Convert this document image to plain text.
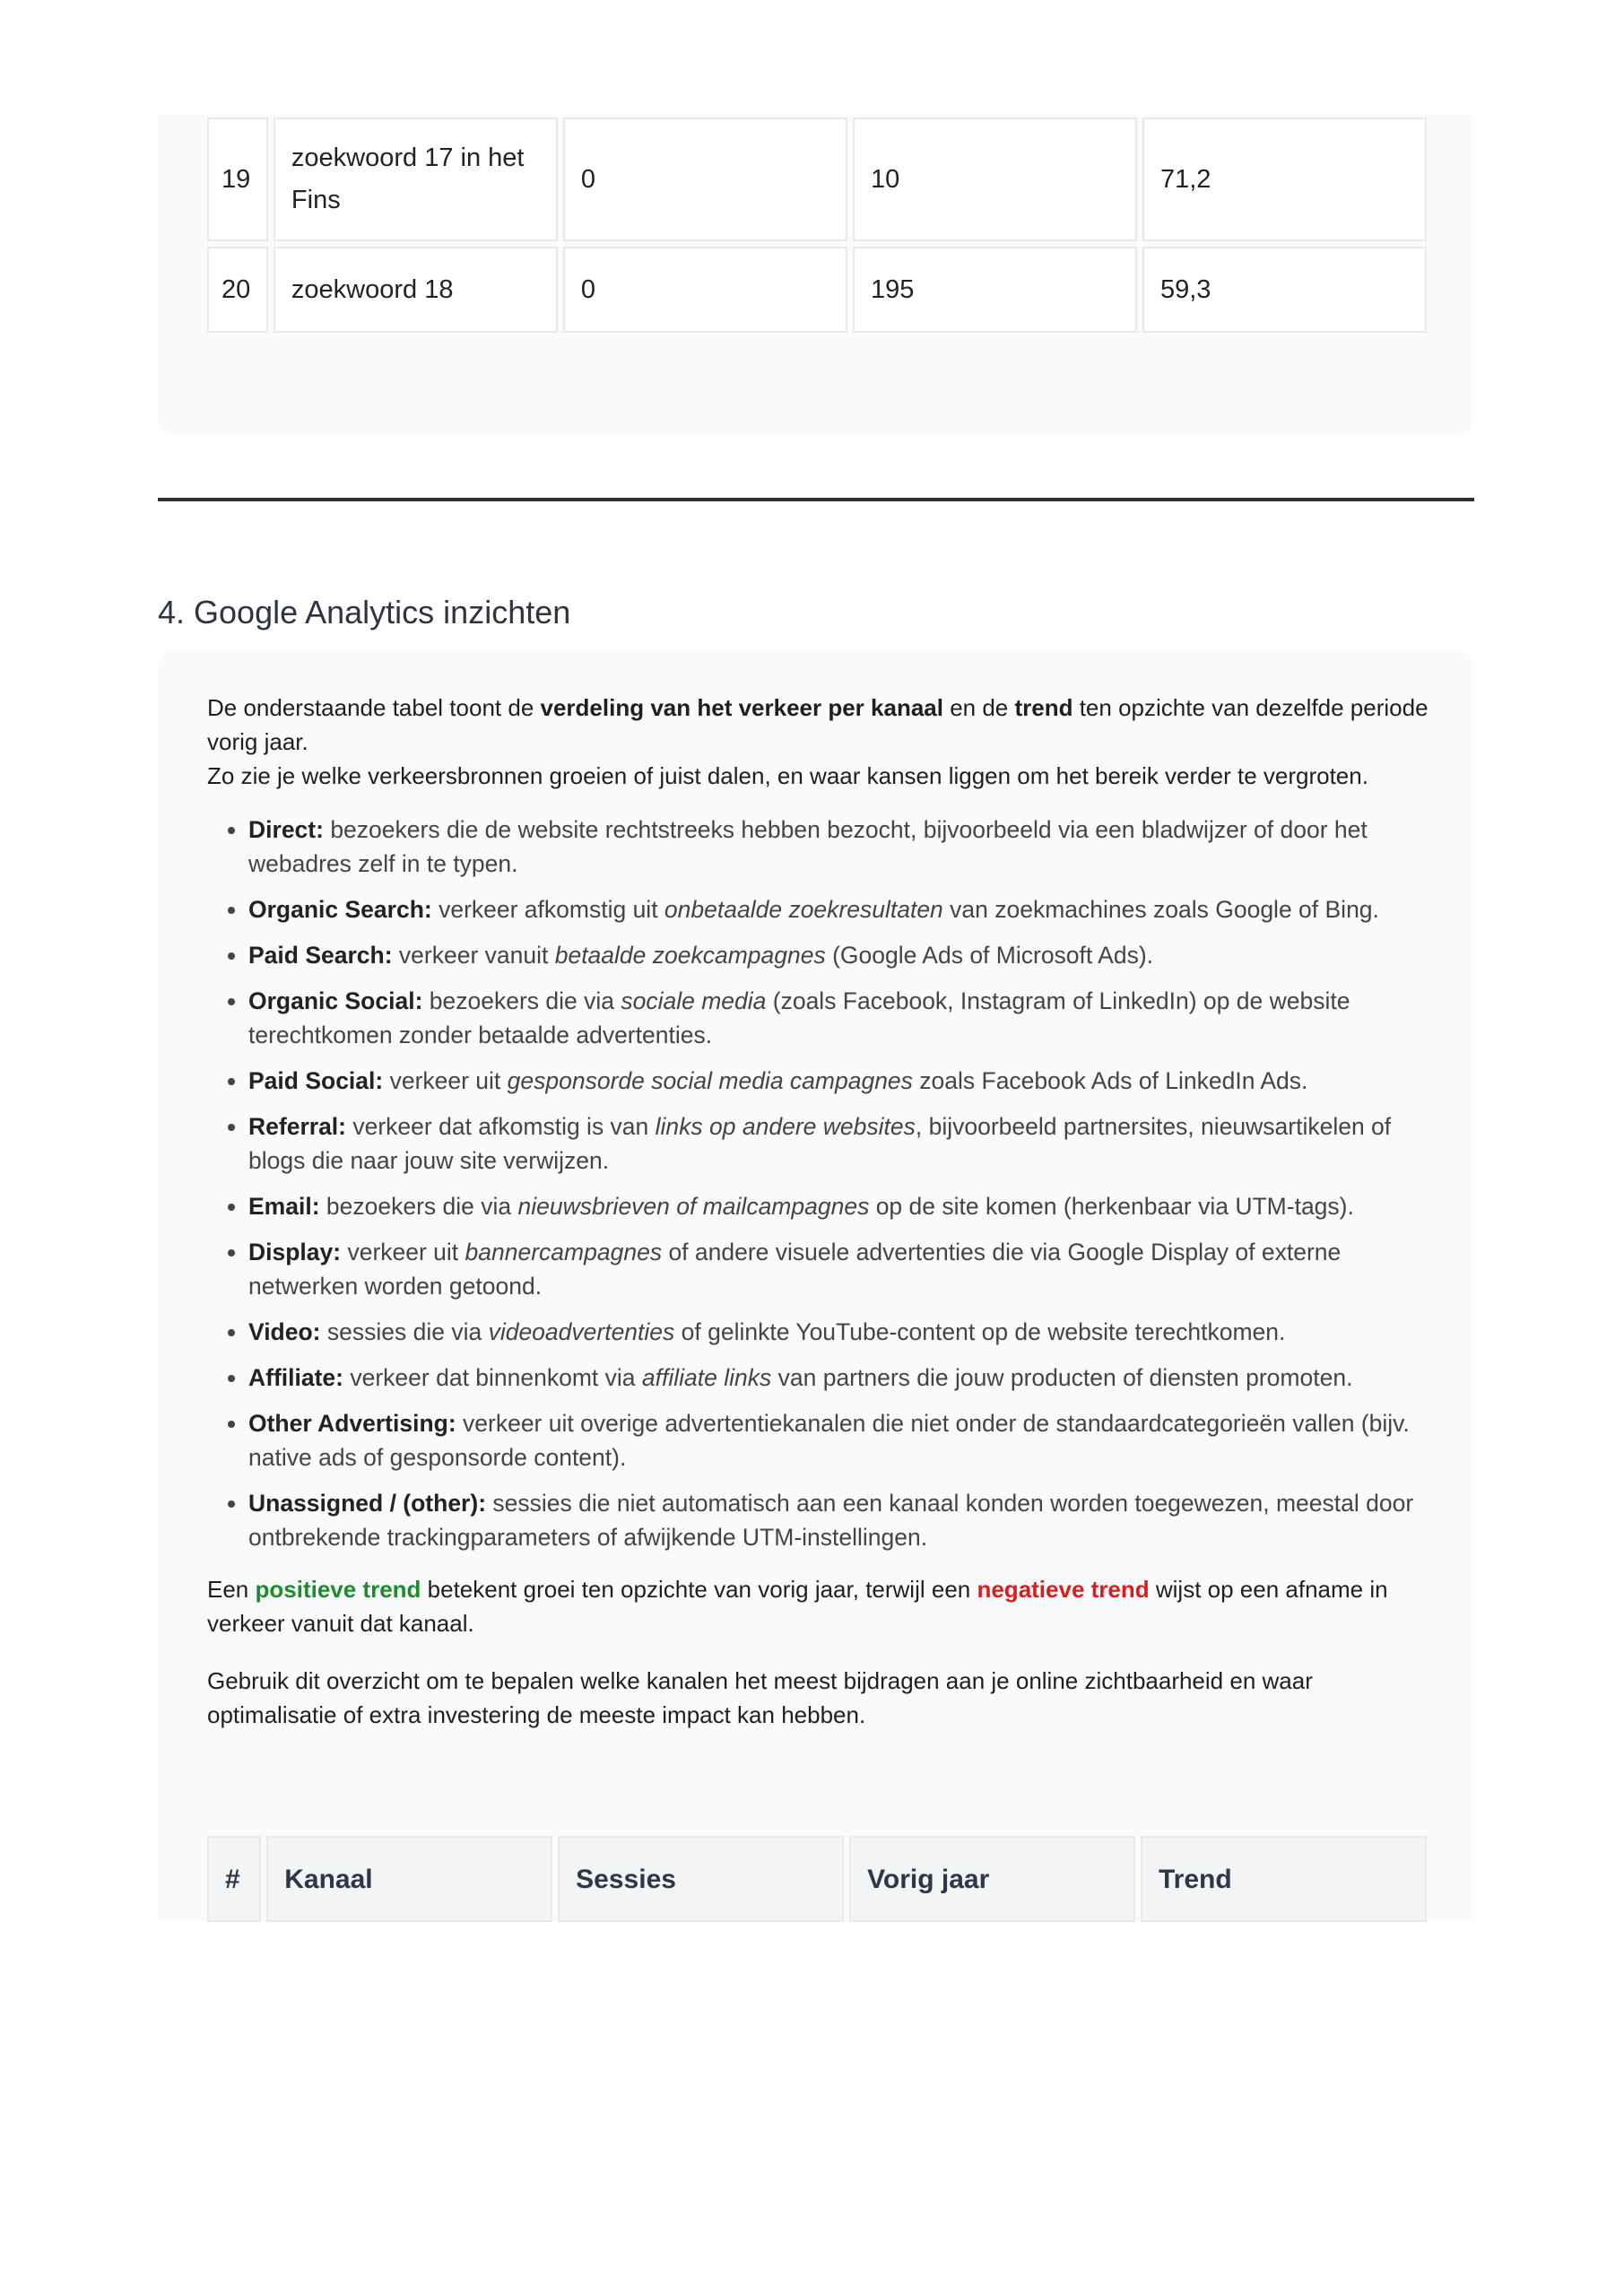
19	zoekwoord 17 in het Fins	0	10	71,2
20	zoekwoord 18	0	195	59,3
4. Google Analytics inzichten

De onderstaande tabel toont de verdeling van het verkeer per kanaal en de trend ten opzichte van dezelfde periode vorig jaar.

Zo zie je welke verkeersbronnen groeien of juist dalen, en waar kansen liggen om het bereik verder te vergroten.

• Direct: bezoekers die de website rechtstreeks hebben bezocht, bijvoorbeeld via een bladwijzer of door het webadres zelf in te typen.
• Organic Search: verkeer afkomstig uit onbetaalde zoekresultaten van zoekmachines zoals Google of Bing.
• Paid Search: verkeer vanuit betaalde zoekcampagnes (Google Ads of Microsoft Ads).
• Organic Social: bezoekers die via sociale media (zoals Facebook, Instagram of LinkedIn) op de website terechtkomen zonder betaalde advertenties.
• Paid Social: verkeer uit gesponsorde social media campagnes zoals Facebook Ads of LinkedIn Ads.
• Referral: verkeer dat afkomstig is van links op andere websites, bijvoorbeeld partnersites, nieuwsartikelen of blogs die naar jouw site verwijzen.
• Email: bezoekers die via nieuwsbrieven of mailcampagnes op de site komen (herkenbaar via UTM-tags).
• Display: verkeer uit bannercampagnes of andere visuele advertenties die via Google Display of externe netwerken worden getoond.
• Video: sessies die via videoadvertenties of gelinkte YouTube-content op de website terechtkomen.
• Affiliate: verkeer dat binnenkomt via affiliate links van partners die jouw producten of diensten promoten.
• Other Advertising: verkeer uit overige advertentiekanalen die niet onder de standaardcategorieën vallen (bijv. native ads of gesponsorde content).
• Unassigned / (other): sessies die niet automatisch aan een kanaal konden worden toegewezen, meestal door ontbrekende trackingparameters of afwijkende UTM-instellingen.

Een positieve trend betekent groei ten opzichte van vorig jaar, terwijl een negatieve trend wijst op een afname in verkeer vanuit dat kanaal.

Gebruik dit overzicht om te bepalen welke kanalen het meest bijdragen aan je online zichtbaarheid en waar optimalisatie of extra investering de meeste impact kan hebben.

#	Kanaal	Sessies	Vorig jaar	Trend
